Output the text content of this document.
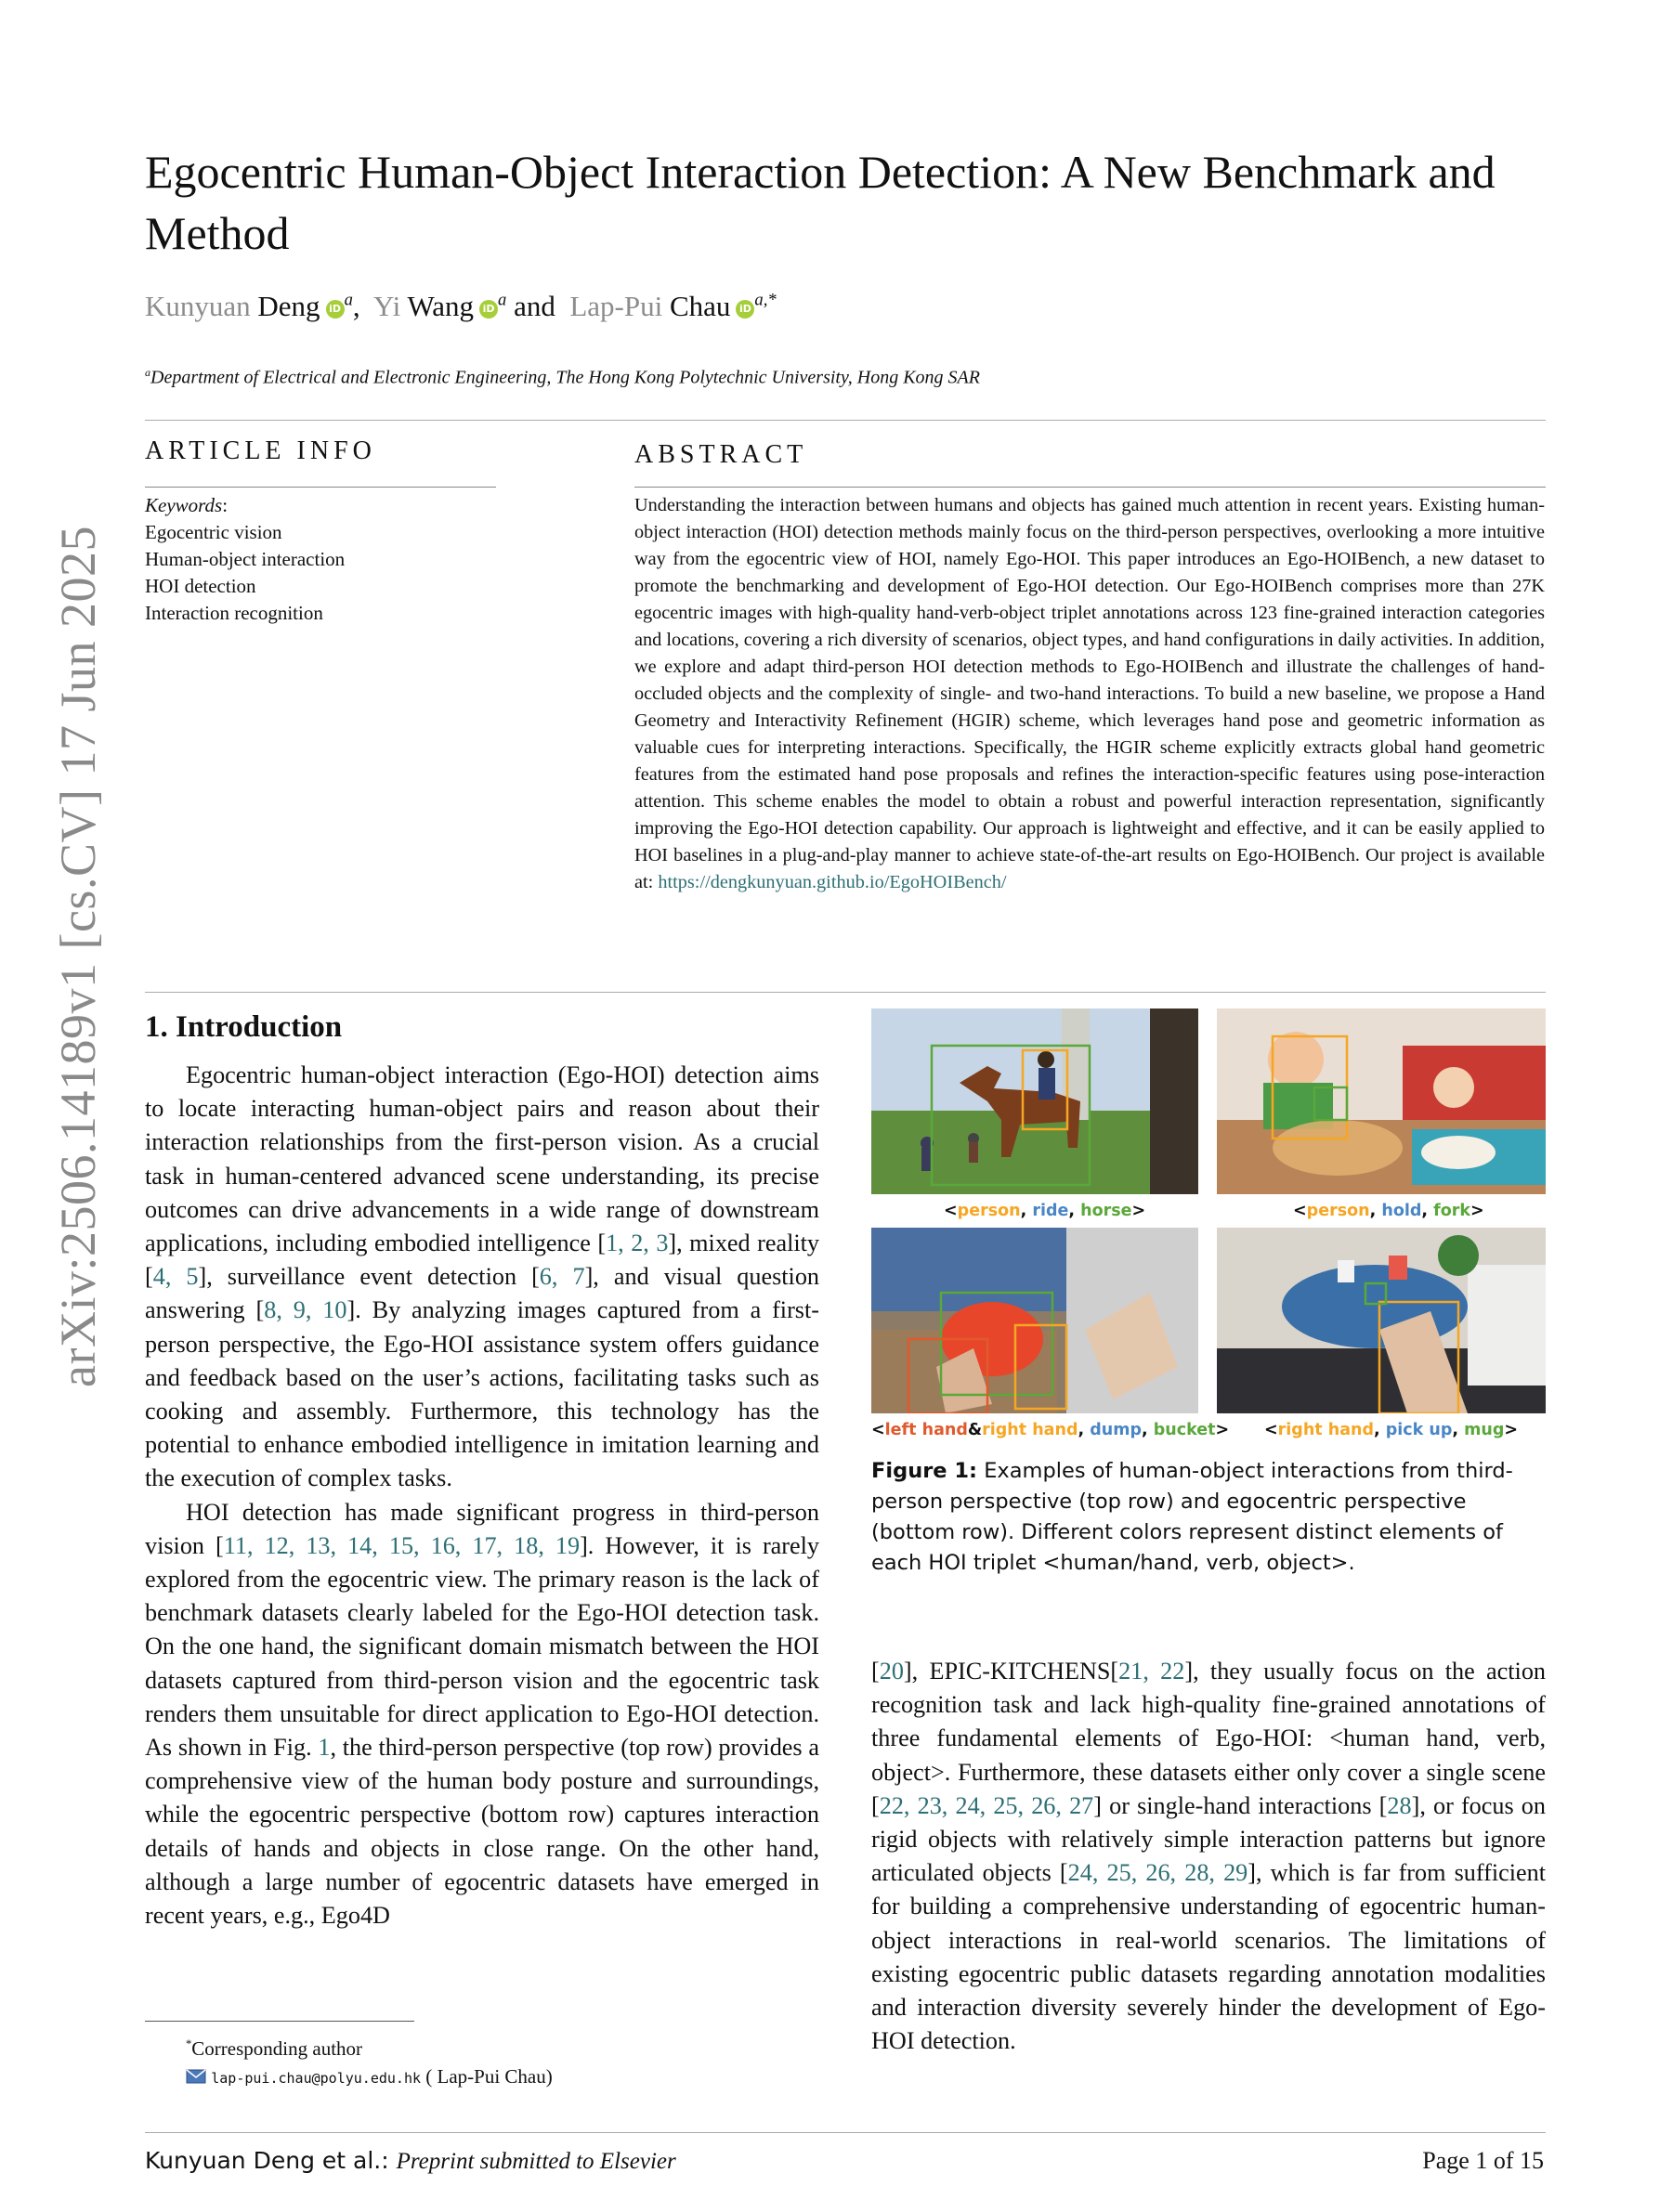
arXiv:2506.14189v1 [cs.CV] 17 Jun 2025
Egocentric Human-Object Interaction Detection: A New Benchmark and Method
Kunyuan Deng iD $^a$,  Yi Wang iD $^a$ and Lap-Pui Chau iD $^{a,*}$
$^a$Department of Electrical and Electronic Engineering, The Hong Kong Polytechnic University, Hong Kong SAR
ARTICLE INFO	ABSTRACT
Keywords:
Egocentric vision
Human-object interaction
HOI detection
Interaction recognition
Understanding the interaction between humans and objects has gained much attention in recent years. Existing human-object interaction (HOI) detection methods mainly focus on the third-person perspectives, overlooking a more intuitive way from the egocentric view of HOI, namely Ego-HOI. This paper introduces an Ego-HOIBench, a new dataset to promote the benchmarking and development of Ego-HOI detection. Our Ego-HOIBench comprises more than 27K egocentric images with high-quality hand-verb-object triplet annotations across 123 fine-grained interaction categories and locations, covering a rich diversity of scenarios, object types, and hand configurations in daily activities. In addition, we explore and adapt third-person HOI detection methods to Ego-HOIBench and illustrate the challenges of hand-occluded objects and the complexity of single- and two-hand interactions. To build a new baseline, we propose a Hand Geometry and Interactivity Refinement (HGIR) scheme, which leverages hand pose and geometric information as valuable cues for interpreting interactions. Specifically, the HGIR scheme explicitly extracts global hand geometric features from the estimated hand pose proposals and refines the interaction-specific features using pose-interaction attention. This scheme enables the model to obtain a robust and powerful interaction representation, significantly improving the Ego-HOI detection capability. Our approach is lightweight and effective, and it can be easily applied to HOI baselines in a plug-and-play manner to achieve state-of-the-art results on Ego-HOIBench. Our project is available at: https://dengkunyuan.github.io/EgoHOIBench/
1. Introduction

Egocentric human-object interaction (Ego-HOI) detection aims to locate interacting human-object pairs and reason about their interaction relationships from the first-person vision. As a crucial task in human-centered advanced scene understanding, its precise outcomes can drive advancements in a wide range of downstream applications, including embodied intelligence [1, 2, 3], mixed reality [4, 5], surveillance event detection [6, 7], and visual question answering [8, 9, 10]. By analyzing images captured from a first-person perspective, the Ego-HOI assistance system offers guidance and feedback based on the user’s actions, facilitating tasks such as cooking and assembly. Furthermore, this technology has the potential to enhance embodied intelligence in imitation learning and the execution of complex tasks.

HOI detection has made significant progress in third-person vision [11, 12, 13, 14, 15, 16, 17, 18, 19]. However, it is rarely explored from the egocentric view. The primary reason is the lack of benchmark datasets clearly labeled for the Ego-HOI detection task. On the one hand, the significant domain mismatch between the HOI datasets captured from third-person vision and the egocentric task renders them unsuitable for direct application to Ego-HOI detection. As shown in Fig. 1, the third-person perspective (top row) provides a comprehensive view of the human body posture and surroundings, while the egocentric perspective (bottom row) captures interaction details of hands and objects in close range. On the other hand, although a large number of egocentric datasets have emerged in recent years, e.g., Ego4D

<person, ride, horse>	<person, hold, fork>
<left hand&right hand, dump, bucket> <right hand, pick up, mug>
Figure 1: Examples of human-object interactions from third-person perspective (top row) and egocentric perspective (bottom row). Different colors represent distinct elements of each HOI triplet <human/hand, verb, object>.

[20], EPIC-KITCHENS[21, 22], they usually focus on the action recognition task and lack high-quality fine-grained annotations of three fundamental elements of Ego-HOI: <human hand, verb, object>. Furthermore, these datasets either only cover a single scene [22, 23, 24, 25, 26, 27] or single-hand interactions [28], or focus on rigid objects with relatively simple interaction patterns but ignore articulated objects [24, 25, 26, 28, 29], which is far from sufficient for building a comprehensive understanding of egocentric human-object interactions in real-world scenarios. The limitations of existing egocentric public datasets regarding annotation modalities and interaction diversity severely hinder the development of Ego-HOI detection.

*Corresponding author
lap-pui.chau@polyu.edu.hk ( Lap-Pui Chau)
Kunyuan Deng et al.: Preprint submitted to Elsevier	Page 1 of 15
